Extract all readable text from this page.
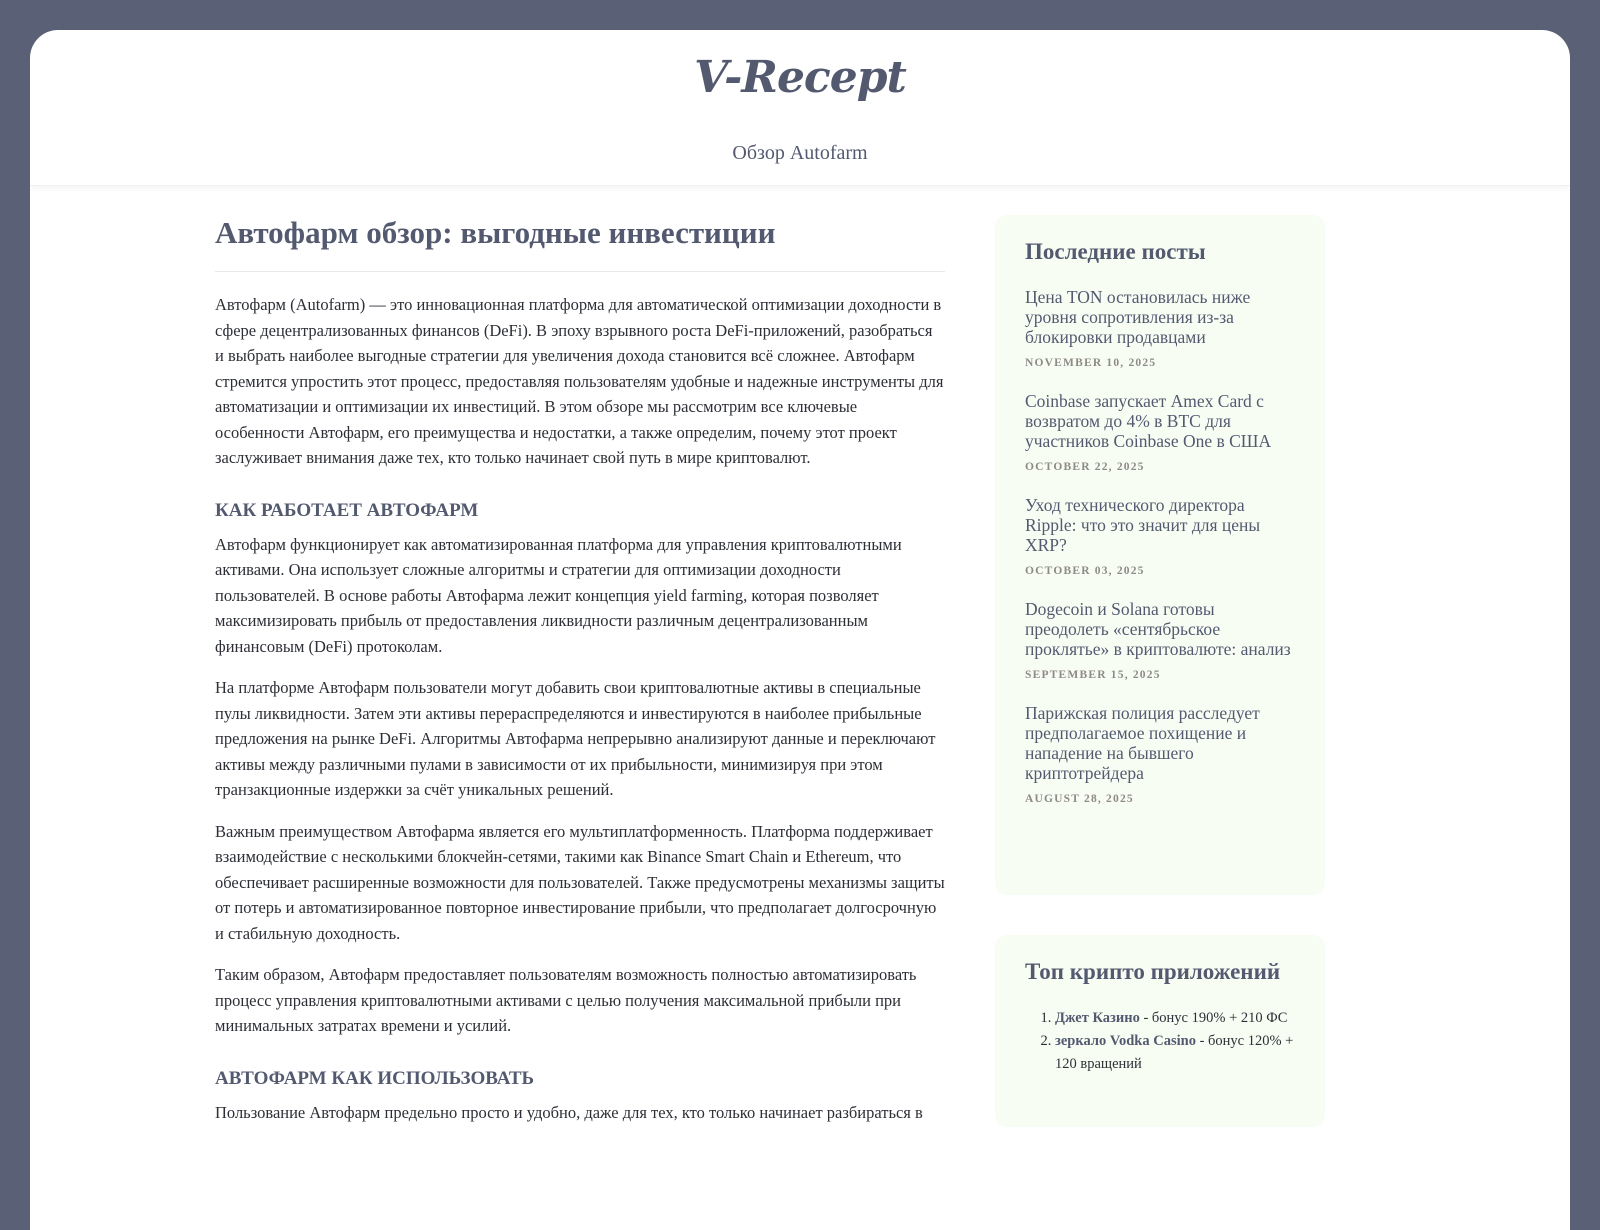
V-Recept
Обзор Autofarm
Автофарм обзор: выгодные инвестиции

Автофарм (Autofarm) — это инновационная платформа для автоматической оптимизации доходности в сфере децентрализованных финансов (DeFi). В эпоху взрывного роста DeFi-приложений, разобраться и выбрать наиболее выгодные стратегии для увеличения дохода становится всё сложнее. Автофарм стремится упростить этот процесс, предоставляя пользователям удобные и надежные инструменты для автоматизации и оптимизации их инвестиций. В этом обзоре мы рассмотрим все ключевые особенности Автофарм, его преимущества и недостатки, а также определим, почему этот проект заслуживает внимания даже тех, кто только начинает свой путь в мире криптовалют.

КАК РАБОТАЕТ АВТОФАРМ

Автофарм функционирует как автоматизированная платформа для управления криптовалютными активами. Она использует сложные алгоритмы и стратегии для оптимизации доходности пользователей. В основе работы Автофарма лежит концепция yield farming, которая позволяет максимизировать прибыль от предоставления ликвидности различным децентрализованным финансовым (DeFi) протоколам.

На платформе Автофарм пользователи могут добавить свои криптовалютные активы в специальные пулы ликвидности. Затем эти активы перераспределяются и инвестируются в наиболее прибыльные предложения на рынке DeFi. Алгоритмы Автофарма непрерывно анализируют данные и переключают активы между различными пулами в зависимости от их прибыльности, минимизируя при этом транзакционные издержки за счёт уникальных решений.

Важным преимуществом Автофарма является его мультиплатформенность. Платформа поддерживает взаимодействие с несколькими блокчейн-сетями, такими как Binance Smart Chain и Ethereum, что обеспечивает расширенные возможности для пользователей. Также предусмотрены механизмы защиты от потерь и автоматизированное повторное инвестирование прибыли, что предполагает долгосрочную и стабильную доходность.

Таким образом, Автофарм предоставляет пользователям возможность полностью автоматизировать процесс управления криптовалютными активами с целью получения максимальной прибыли при минимальных затратах времени и усилий.

АВТОФАРМ КАК ИСПОЛЬЗОВАТЬ

Пользование Автофарм предельно просто и удобно, даже для тех, кто только начинает разбираться в

Последние посты
Цена TON остановилась ниже уровня сопротивления из-за блокировки продавцами
NOVEMBER 10, 2025
Coinbase запускает Amex Card с возвратом до 4% в BTC для участников Coinbase One в США
OCTOBER 22, 2025
Уход технического директора Ripple: что это значит для цены XRP?
OCTOBER 03, 2025
Dogecoin и Solana готовы преодолеть «сентябрьское проклятье» в криптовалюте: анализ
SEPTEMBER 15, 2025
Парижская полиция расследует предполагаемое похищение и нападение на бывшего криптотрейдера
AUGUST 28, 2025
Топ крипто приложений
1. Джет Казино - бонус 190% + 210 ФС
2. зеркало Vodka Casino - бонус 120% + 120 вращений
